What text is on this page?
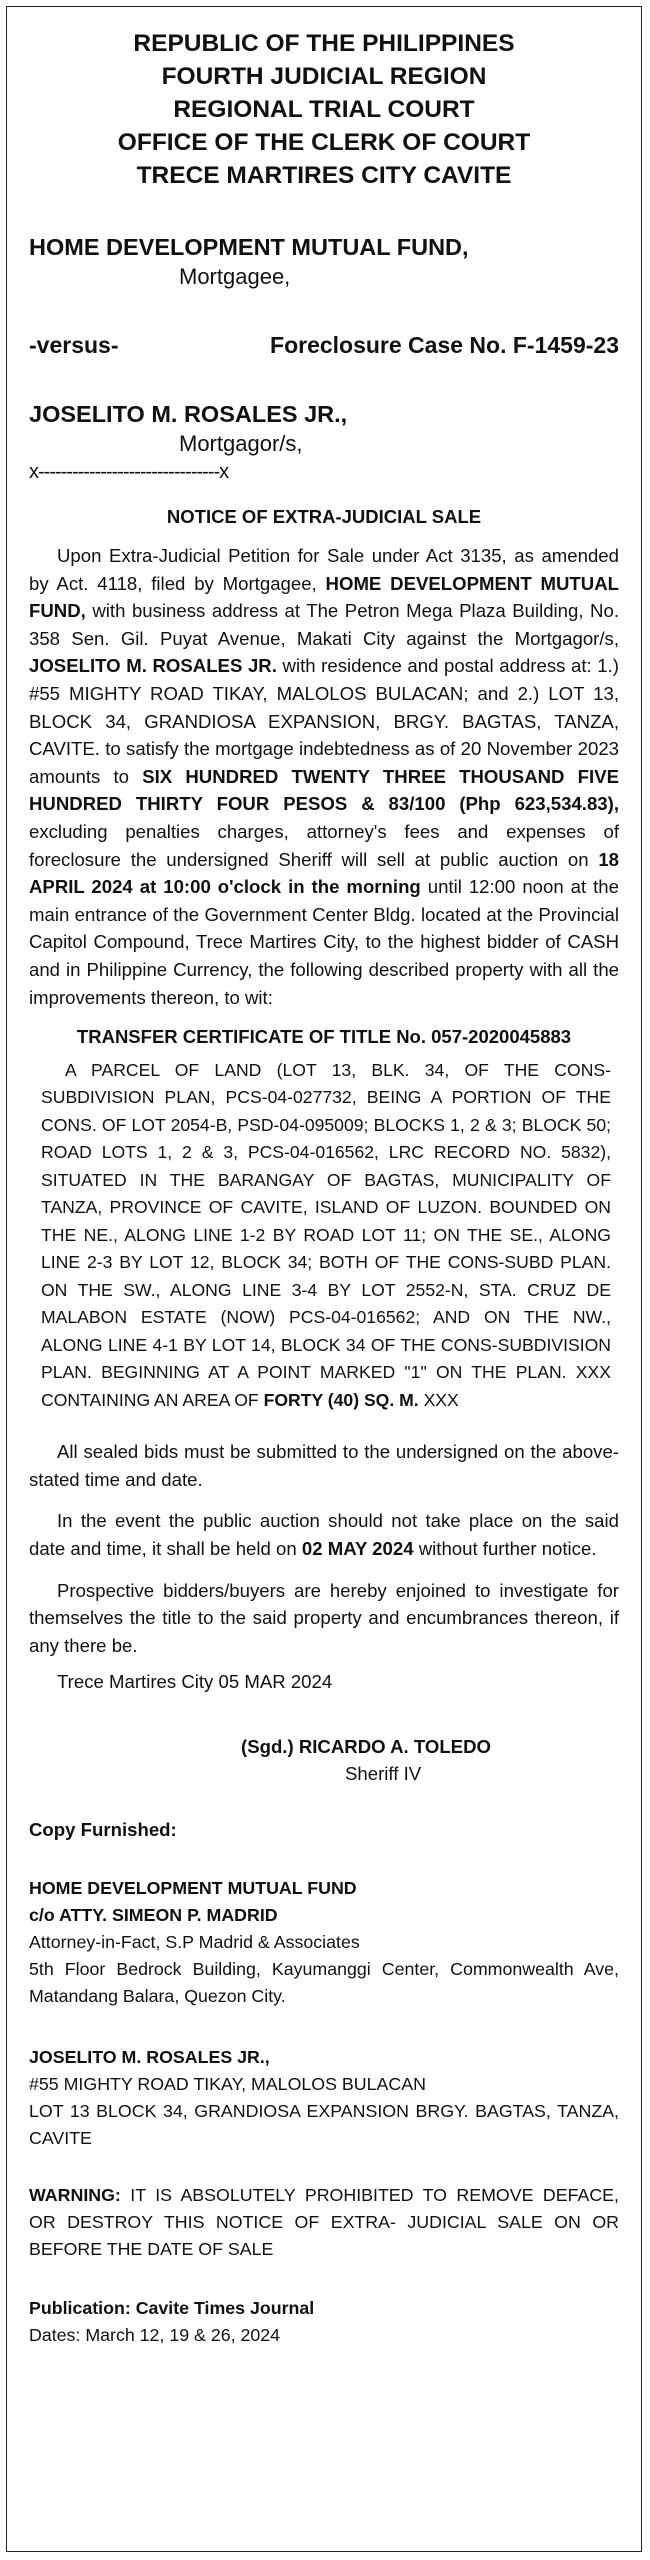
REPUBLIC OF THE PHILIPPINES
FOURTH JUDICIAL REGION
REGIONAL TRIAL COURT
OFFICE OF THE CLERK OF COURT
TRECE MARTIRES CITY CAVITE
HOME DEVELOPMENT MUTUAL FUND,
Mortgagee,
-versus-	Foreclosure Case No. F-1459-23
JOSELITO M. ROSALES JR.,
Mortgagor/s,
x--------------------------------x
NOTICE OF EXTRA-JUDICIAL SALE

Upon Extra-Judicial Petition for Sale under Act 3135, as amended by Act. 4118, filed by Mortgagee, HOME DEVELOPMENT MUTUAL FUND, with business address at The Petron Mega Plaza Building, No. 358 Sen. Gil. Puyat Avenue, Makati City against the Mortgagor/s, JOSELITO M. ROSALES JR. with residence and postal address at: 1.) #55 MIGHTY ROAD TIKAY, MALOLOS BULACAN; and 2.) LOT 13, BLOCK 34, GRANDIOSA EXPANSION, BRGY. BAGTAS, TANZA, CAVITE. to satisfy the mortgage indebtedness as of 20 November 2023 amounts to SIX HUNDRED TWENTY THREE THOUSAND FIVE HUNDRED THIRTY FOUR PESOS & 83/100 (Php 623,534.83), excluding penalties charges, attorney's fees and expenses of foreclosure the undersigned Sheriff will sell at public auction on 18 APRIL 2024 at 10:00 o'clock in the morning until 12:00 noon at the main entrance of the Government Center Bldg. located at the Provincial Capitol Compound, Trece Martires City, to the highest bidder of CASH and in Philippine Currency, the following described property with all the improvements thereon, to wit:

TRANSFER CERTIFICATE OF TITLE No. 057-2020045883
A PARCEL OF LAND (LOT 13, BLK. 34, OF THE CONS-SUBDIVISION PLAN, PCS-04-027732, BEING A PORTION OF THE CONS. OF LOT 2054-B, PSD-04-095009; BLOCKS 1, 2 & 3; BLOCK 50; ROAD LOTS 1, 2 & 3, PCS-04-016562, LRC RECORD NO. 5832), SITUATED IN THE BARANGAY OF BAGTAS, MUNICIPALITY OF TANZA, PROVINCE OF CAVITE, ISLAND OF LUZON. BOUNDED ON THE NE., ALONG LINE 1-2 BY ROAD LOT 11; ON THE SE., ALONG LINE 2-3 BY LOT 12, BLOCK 34; BOTH OF THE CONS-SUBD PLAN. ON THE SW., ALONG LINE 3-4 BY LOT 2552-N, STA. CRUZ DE MALABON ESTATE (NOW) PCS-04-016562; AND ON THE NW., ALONG LINE 4-1 BY LOT 14, BLOCK 34 OF THE CONS-SUBDIVISION PLAN. BEGINNING AT A POINT MARKED "1" ON THE PLAN. XXX CONTAINING AN AREA OF FORTY (40) SQ. M. XXX

All sealed bids must be submitted to the undersigned on the above-stated time and date.

In the event the public auction should not take place on the said date and time, it shall be held on 02 MAY 2024 without further notice.

Prospective bidders/buyers are hereby enjoined to investigate for themselves the title to the said property and encumbrances thereon, if any there be.

Trece Martires City 05 MAR 2024
(Sgd.) RICARDO A. TOLEDO
Sheriff IV
Copy Furnished:
HOME DEVELOPMENT MUTUAL FUND
c/o ATTY. SIMEON P. MADRID
Attorney-in-Fact, S.P Madrid & Associates
5th Floor Bedrock Building, Kayumanggi Center, Commonwealth Ave, Matandang Balara, Quezon City.
JOSELITO M. ROSALES JR.,
#55 MIGHTY ROAD TIKAY, MALOLOS BULACAN
LOT 13 BLOCK 34, GRANDIOSA EXPANSION BRGY. BAGTAS, TANZA, CAVITE
WARNING: IT IS ABSOLUTELY PROHIBITED TO REMOVE DEFACE, OR DESTROY THIS NOTICE OF EXTRA- JUDICIAL SALE ON OR BEFORE THE DATE OF SALE
Publication: Cavite Times Journal
Dates: March 12, 19 & 26, 2024
